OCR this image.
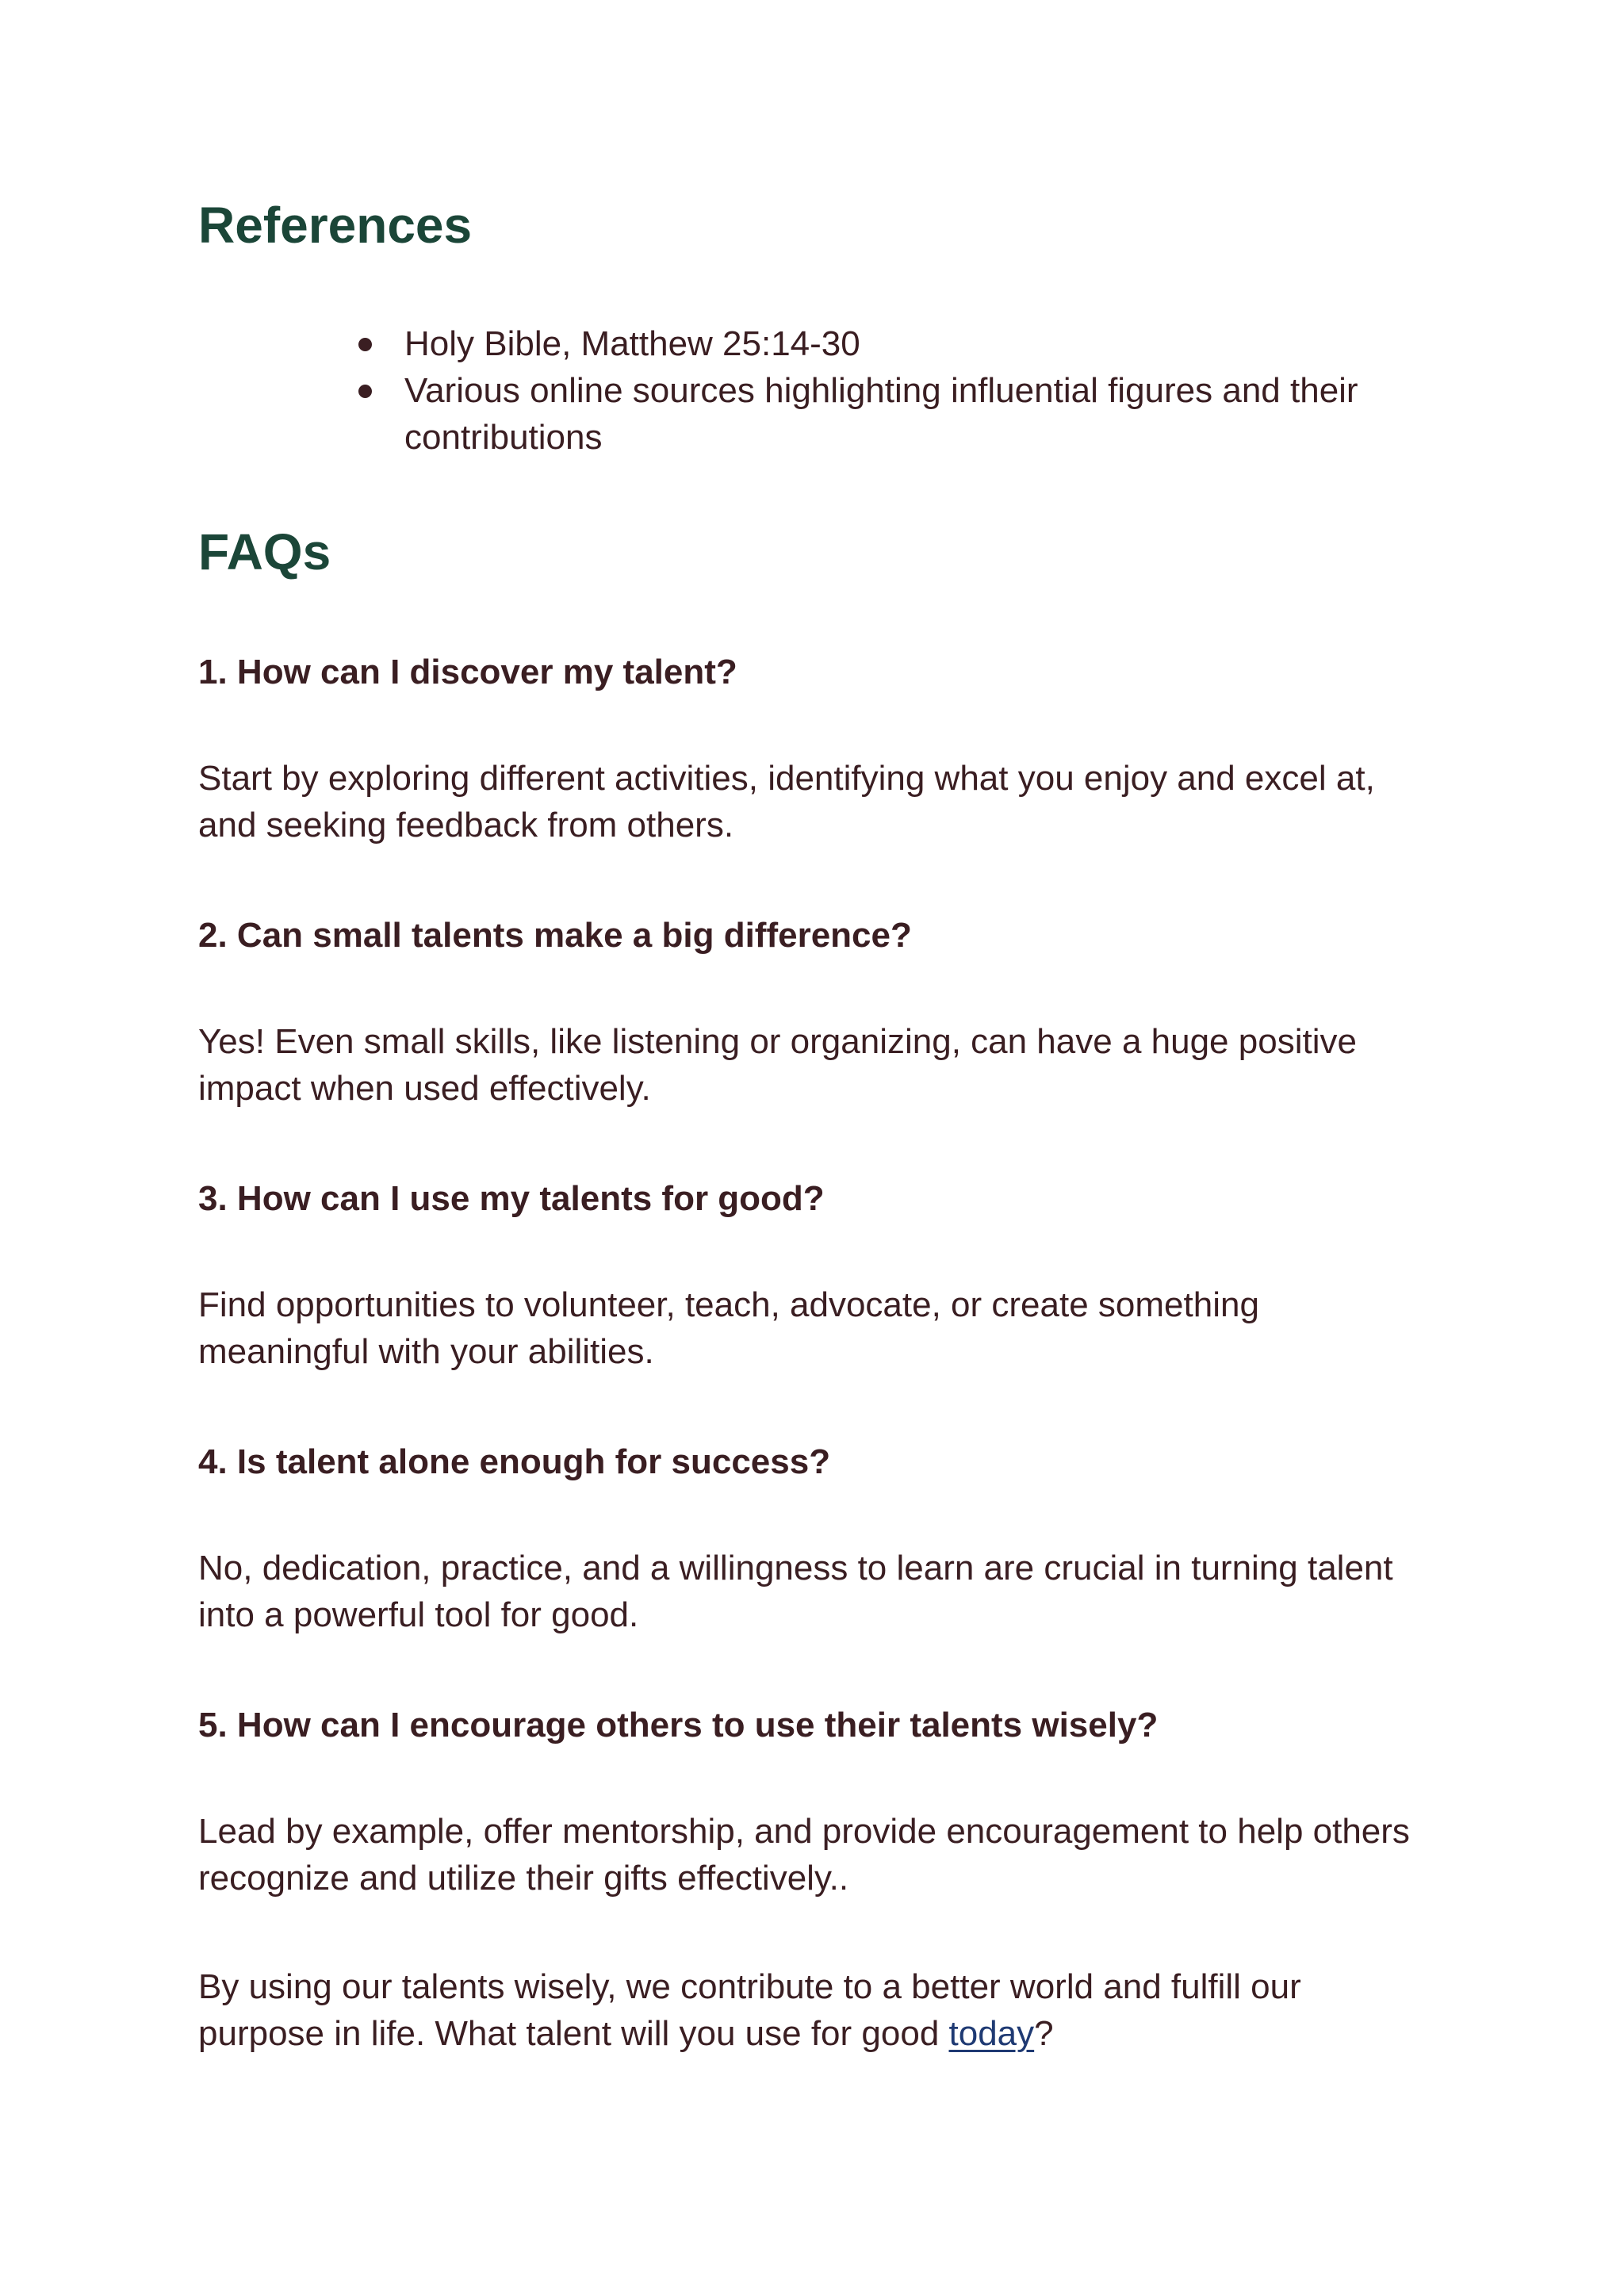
References
Holy Bible, Matthew 25:14-30
Various online sources highlighting influential figures and their contributions
FAQs

1. How can I discover my talent?

Start by exploring different activities, identifying what you enjoy and excel at, and seeking feedback from others.

2. Can small talents make a big difference?

Yes! Even small skills, like listening or organizing, can have a huge positive impact when used effectively.

3. How can I use my talents for good?

Find opportunities to volunteer, teach, advocate, or create something meaningful with your abilities.

4. Is talent alone enough for success?

No, dedication, practice, and a willingness to learn are crucial in turning talent into a powerful tool for good.

5. How can I encourage others to use their talents wisely?

Lead by example, offer mentorship, and provide encouragement to help others recognize and utilize their gifts effectively..

By using our talents wisely, we contribute to a better world and fulfill our purpose in life. What talent will you use for good today?
